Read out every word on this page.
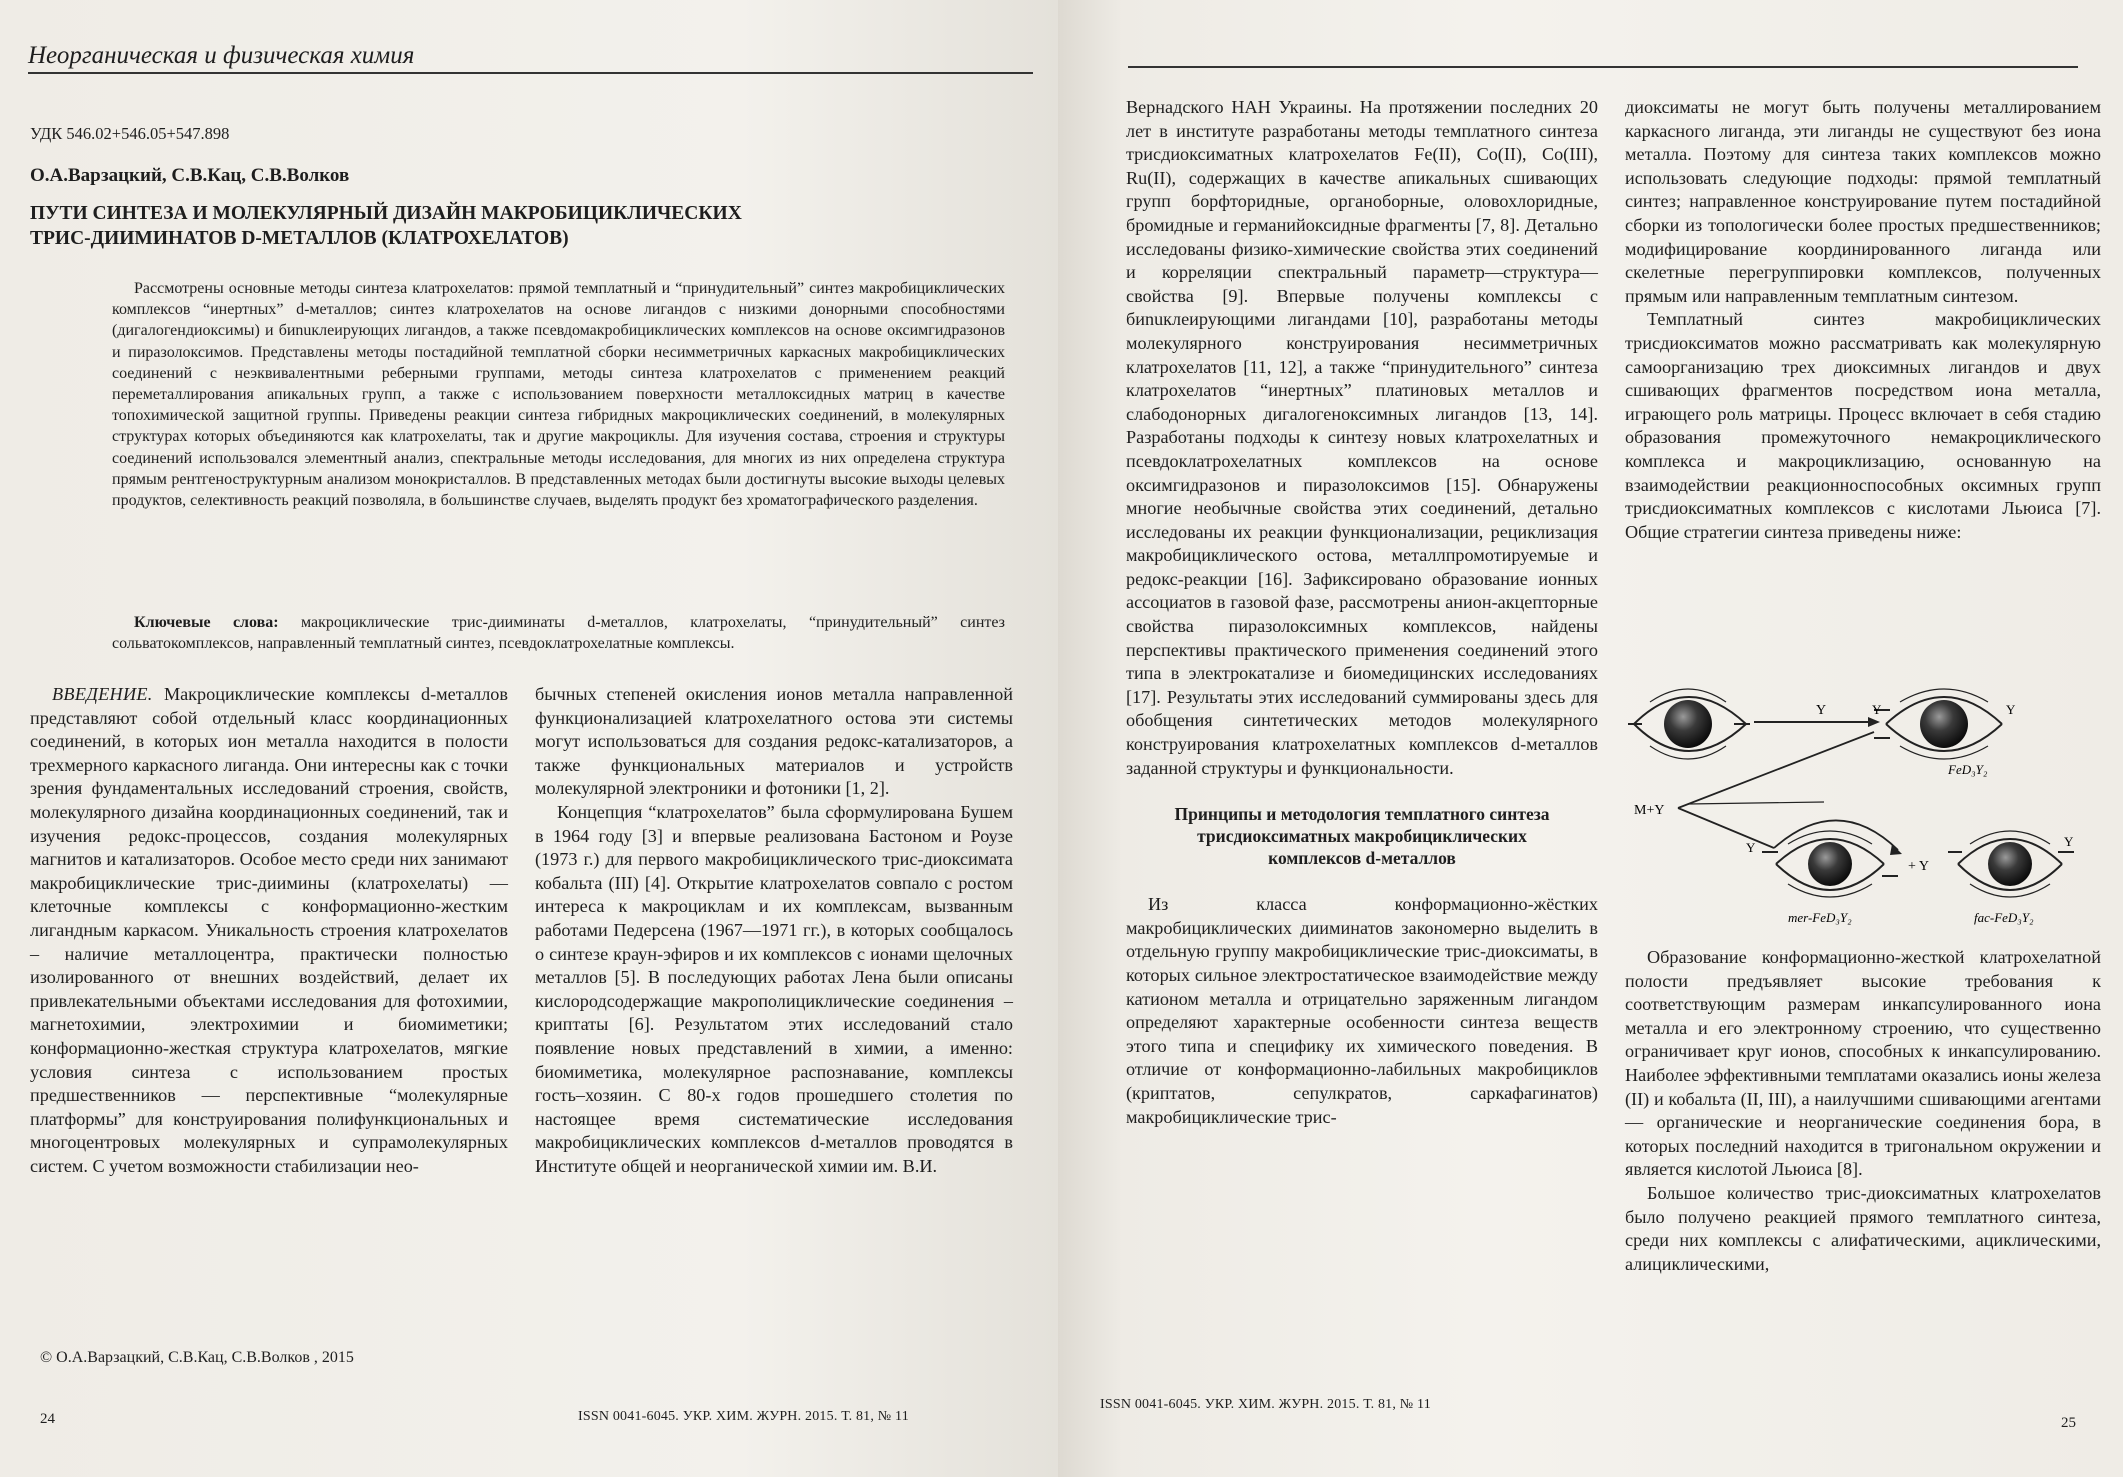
Неорганическая и физическая химия
УДК 546.02+546.05+547.898
О.А.Варзацкий, С.В.Кац, С.В.Волков
ПУТИ СИНТЕЗА И МОЛЕКУЛЯРНЫЙ ДИЗАЙН МАКРОБИЦИКЛИЧЕСКИХ
ТРИС-ДИИМИНАТОВ D-МЕТАЛЛОВ (КЛАТРОХЕЛАТОВ)
Рассмотрены основные методы синтеза клатрохелатов: прямой темплатный и “принудительный” синтез макробициклических комплексов “инертных” d-металлов; синтез клатрохелатов на основе лигандов с низкими донорными способностями (дигалогендиоксимы) и биnuклеирующих лигандов, а также псевдомакробициклических комплексов на основе оксимгидразонов и пиразолоксимов. Представлены методы постадийной темплатной сборки несимметричных каркасных макробициклических соединений с неэквивалентными реберными группами, методы синтеза клатрохелатов с применением реакций переметаллирования апикальных групп, а также с использованием поверхности металлоксидных матриц в качестве топохимической защитной группы. Приведены реакции синтеза гибридных макроциклических соединений, в молекулярных структурах которых объединяются как клатрохелаты, так и другие макроциклы. Для изучения состава, строения и структуры соединений использовался элементный анализ, спектральные методы исследования, для многих из них определена структура прямым рентгеноструктурным анализом монокристаллов. В представленных методах были достигнуты высокие выходы целевых продуктов, селективность реакций позволяла, в большинстве случаев, выделять продукт без хроматографического разделения.
Ключевые слова: макроциклические трис-дииминаты d-металлов, клатрохелаты, “принудительный” синтез сольватокомплексов, направленный темплатный синтез, псевдоклатрохелатные комплексы.

ВВЕДЕНИЕ. Макроциклические комплексы d-металлов представляют собой отдельный класс координационных соединений, в которых ион металла находится в полости трехмерного каркасного лиганда. Они интересны как с точки зрения фундаментальных исследований строения, свойств, молекулярного дизайна координационных соединений, так и изучения редокс-процессов, создания молекулярных магнитов и катализаторов. Особое место среди них занимают макробициклические трис-диимины (клатрохелаты) — клеточные комплексы с конформационно-жестким лигандным каркасом. Уникальность строения клатрохелатов – наличие металлоцентра, практически полностью изолированного от внешних воздействий, делает их привлекательными объектами исследования для фотохимии, магнетохимии, электрохимии и биомиметики; конформационно-жесткая структура клатрохелатов, мягкие условия синтеза с использованием простых предшественников — перспективные “молекулярные платформы” для конструирования полифункциональных и многоцентровых молекулярных и супрамолекулярных систем. С учетом возможности стабилизации нео-

бычных степеней окисления ионов металла направленной функционализацией клатрохелатного остова эти системы могут использоваться для создания редокс-катализаторов, а также функциональных материалов и устройств молекулярной электроники и фотоники [1, 2].

Концепция “клатрохелатов” была сформулирована Бушем в 1964 году [3] и впервые реализована Бастоном и Роузе (1973 г.) для первого макробициклического трис-диоксимата кобальта (III) [4]. Открытие клатрохелатов совпало с ростом интереса к макроциклам и их комплексам, вызванным работами Педерсена (1967—1971 гг.), в которых сообщалось о синтезе краун-эфиров и их комплексов с ионами щелочных металлов [5]. В последующих работах Лена были описаны кислородсодержащие макрополициклические соединения – криптаты [6]. Результатом этих исследований стало появление новых представлений в химии, а именно: биомиметика, молекулярное распознавание, комплексы гость–хозяин. С 80-х годов прошедшего столетия по настоящее время систематические исследования макробициклических комплексов d-металлов проводятся в Институте общей и неорганической химии им. В.И.

© О.А.Варзацкий, С.В.Кац, С.В.Волков , 2015
24	ISSN 0041-6045. УКР. ХИМ. ЖУРН. 2015. Т. 81, № 11

Вернадского НАН Украины. На протяжении последних 20 лет в институте разработаны методы темплатного синтеза трисдиоксиматных клатрохелатов Fe(II), Co(II), Co(III), Ru(II), содержащих в качестве апикальных сшивающих групп борфторидные, органоборные, оловохлоридные, бромидные и германийоксидные фрагменты [7, 8]. Детально исследованы физико-химические свойства этих соединений и корреляции спектральный параметр—структура—свойства [9]. Впервые получены комплексы с биnuклеирующими лигандами [10], разработаны методы молекулярного конструирования несимметричных клатрохелатов [11, 12], а также “принудительного” синтеза клатрохелатов “инертных” платиновых металлов и слабодонорных дигалогеноксимных лигандов [13, 14]. Разработаны подходы к синтезу новых клатрохелатных и псевдоклатрохелатных комплексов на основе оксимгидразонов и пиразолоксимов [15]. Обнаружены многие необычные свойства этих соединений, детально исследованы их реакции функционализации, рециклизация макробициклического остова, металлпромотируемые и редокс-реакции [16]. Зафиксировано образование ионных ассоциатов в газовой фазе, рассмотрены анион-акцепторные свойства пиразолоксимных комплексов, найдены перспективы практического применения соединений этого типа в электрокатализе и биомедицинских исследованиях [17]. Результаты этих исследований суммированы здесь для обобщения синтетических методов молекулярного конструирования клатрохелатных комплексов d-металлов заданной структуры и функциональности.

Принципы и методология темплатного синтеза
трисдиоксиматных макробициклических
комплексов d-металлов

Из класса конформационно-жёстких макробициклических дииминатов закономерно выделить в отдельную группу макробициклические трис-диоксиматы, в которых сильное электростатическое взаимодействие между катионом металла и отрицательно заряженным лигандом определяют характерные особенности синтеза веществ этого типа и специфику их химического поведения. В отличие от конформационно-лабильных макробициклов (криптатов, сепулкратов, саркафагинатов) макробициклические трис-

диоксиматы не могут быть получены металлированием каркасного лиганда, эти лиганды не существуют без иона металла. Поэтому для синтеза таких комплексов можно использовать следующие подходы: прямой темплатный синтез; направленное конструирование путем постадийной сборки из топологически более простых предшественников; модифицирование координированного лиганда или скелетные перегруппировки комплексов, полученных прямым или направленным темплатным синтезом.

Темплатный синтез макробициклических трисдиоксиматов можно рассматривать как молекулярную самоорганизацию трех диоксимных лигандов и двух сшивающих фрагментов посредством иона металла, играющего роль матрицы. Процесс включает в себя стадию образования промежуточного немакроциклического комплекса и макроциклизацию, основанную на взаимодействии реакционноспособных оксимных групп трисдиоксиматных комплексов с кислотами Льюиса [7]. Общие стратегии синтеза приведены ниже:

Y	Y	Y
FeD₃Y₂
M+Y
Y
mer-FeD₃Y₂
+ Y
Y
fac-FeD₃Y₂

Образование конформационно-жесткой клатрохелатной полости предъявляет высокие требования к соответствующим размерам инкапсулированного иона металла и его электронному строению, что существенно ограничивает круг ионов, способных к инкапсулированию. Наиболее эффективными темплатами оказались ионы железа (II) и кобальта (II, III), а наилучшими сшивающими агентами — органические и неорганические соединения бора, в которых последний находится в тригональном окружении и является кислотой Льюиса [8].

Большое количество трис-диоксиматных клатрохелатов было получено реакцией прямого темплатного синтеза, среди них комплексы с алифатическими, ациклическими, алициклическими,

ISSN 0041-6045. УКР. ХИМ. ЖУРН. 2015. Т. 81, № 11
25
